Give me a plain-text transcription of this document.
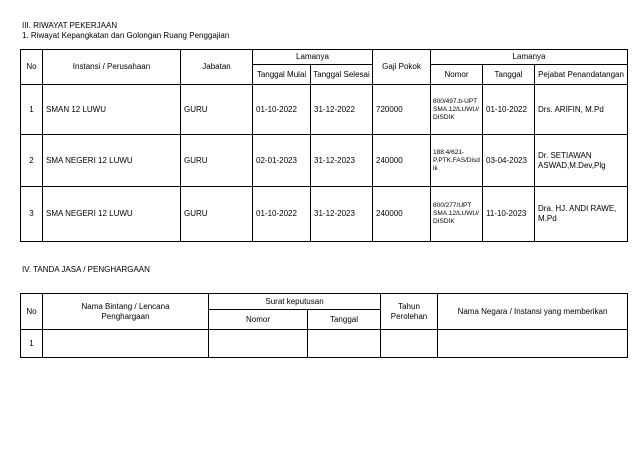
III. RIWAYAT PEKERJAAN
1. Riwayat Kepangkatan dan Golongan Ruang Penggajian
No	Instansi / Perusahaan	Jabatan	Lamanya		Gaji Pokok	Lamanya		
			Tanggal Mulai	Tanggal Selesai		Nomor	Tanggal	Pejabat Penandatangan
1	SMAN 12 LUWU	GURU	01-10-2022	31-12-2022	720000	800/497.b-UPT SMA.12/LUWU/ DISDIK	01-10-2022	Drs. ARIFIN, M.Pd
2	SMA NEGERI 12 LUWU	GURU	02-01-2023	31-12-2023	240000	188.4/621-P.PTK.FAS/Disd ik	03-04-2023	Dr. SETIAWAN ASWAD,M.Dev,Plg
3	SMA NEGERI 12 LUWU	GURU	01-10-2022	31-12-2023	240000	800/277/UPT SMA.12/LUWU/ DISDIK	11-10-2023	Dra. HJ. ANDI RAWE, M.Pd
IV. TANDA JASA / PENGHARGAAN
No	Nama Bintang / Lencana Penghargaan	Surat keputusan		Tahun Perolehan	Nama Negara / Instansi yang memberikan
		Nomor	Tanggal		
1					
